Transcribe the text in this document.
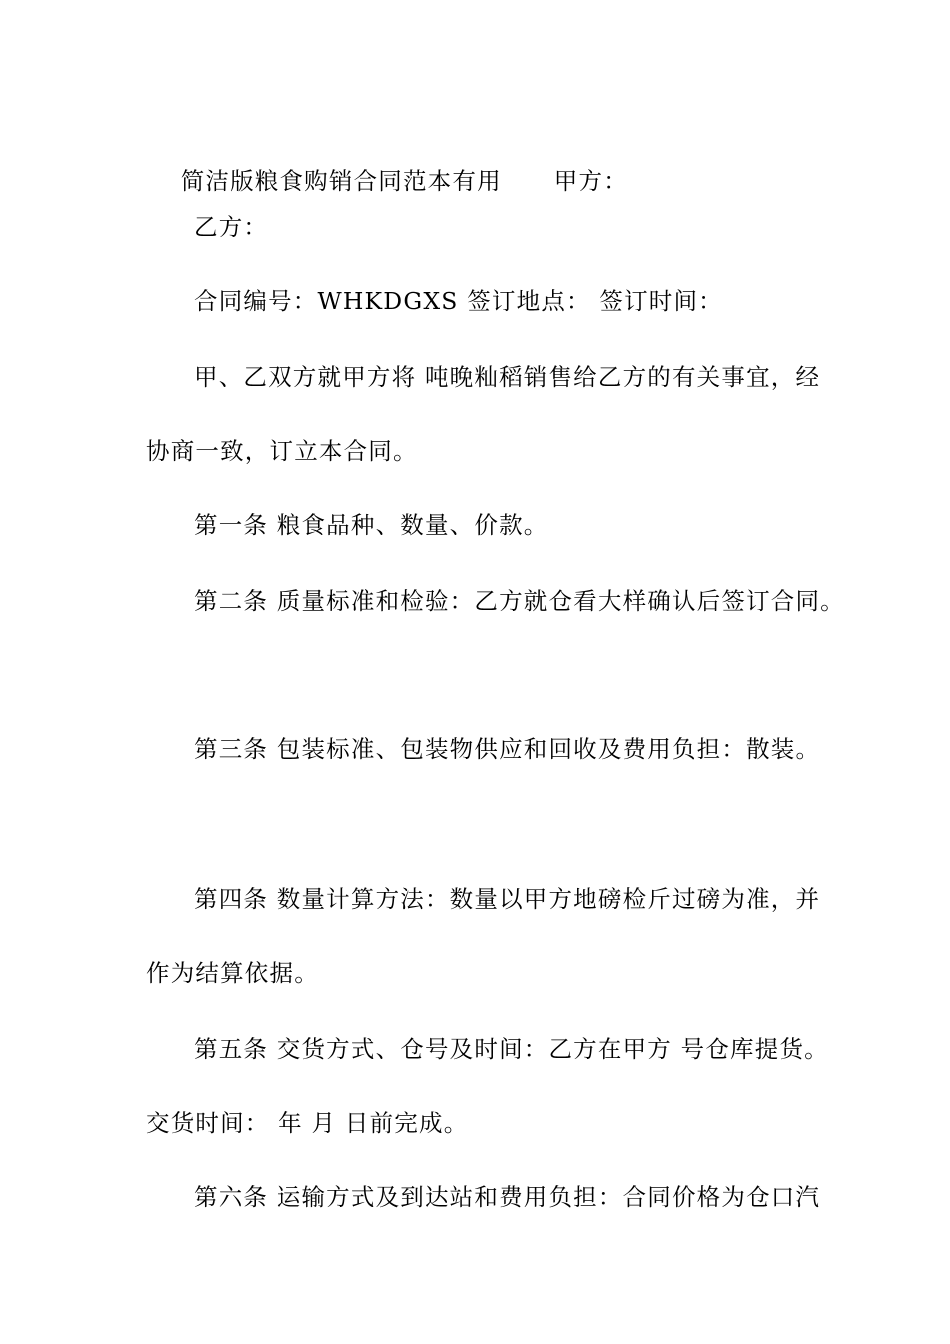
简洁版粮食购销合同范本有用 甲方：

乙方：
合同编号：WHKDGXS 签订地点： 签订时间：
甲、乙双方就甲方将 吨晚籼稻销售给乙方的有关事宜，经
协商一致，订立本合同。
第一条 粮食品种、数量、价款。
第二条 质量标准和检验：乙方就仓看大样确认后签订合同。
第三条 包装标准、包装物供应和回收及费用负担：散装。
第四条 数量计算方法：数量以甲方地磅检斤过磅为准，并
作为结算依据。
第五条 交货方式、仓号及时间：乙方在甲方 号仓库提货。
交货时间： 年 月 日前完成。
第六条 运输方式及到达站和费用负担：合同价格为仓口汽
